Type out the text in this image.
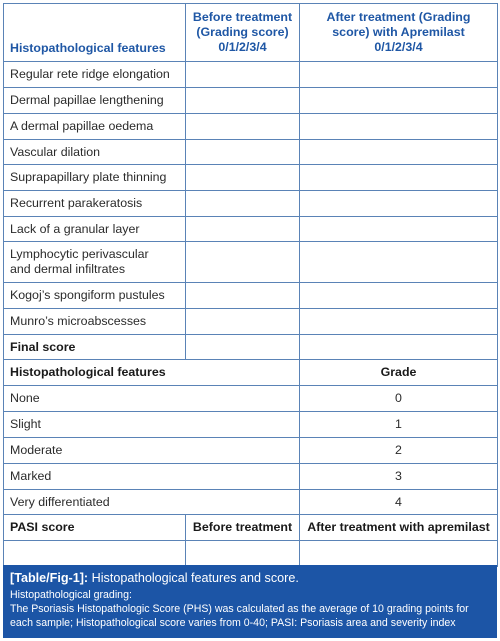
Histopathological features	Before treatment (Grading score) 0/1/2/3/4	After treatment (Grading score) with Apremilast 0/1/2/3/4
Regular rete ridge elongation		
Dermal papillae lengthening		
A dermal papillae oedema		
Vascular dilation		
Suprapapillary plate thinning		
Recurrent parakeratosis		
Lack of a granular layer		
Lymphocytic perivascular and dermal infiltrates		
Kogoj’s spongiform pustules		
Munro’s microabscesses		
Final score		
Histopathological features		Grade
None		0
Slight		1
Moderate		2
Marked		3
Very differentiated		4
PASI score	Before treatment	After treatment with apremilast

[Table/Fig-1]: Histopathological features and score.
Histopathological grading:
The Psoriasis Histopathologic Score (PHS) was calculated as the average of 10 grading points for each sample; Histopathological score varies from 0-40; PASI: Psoriasis area and severity index
